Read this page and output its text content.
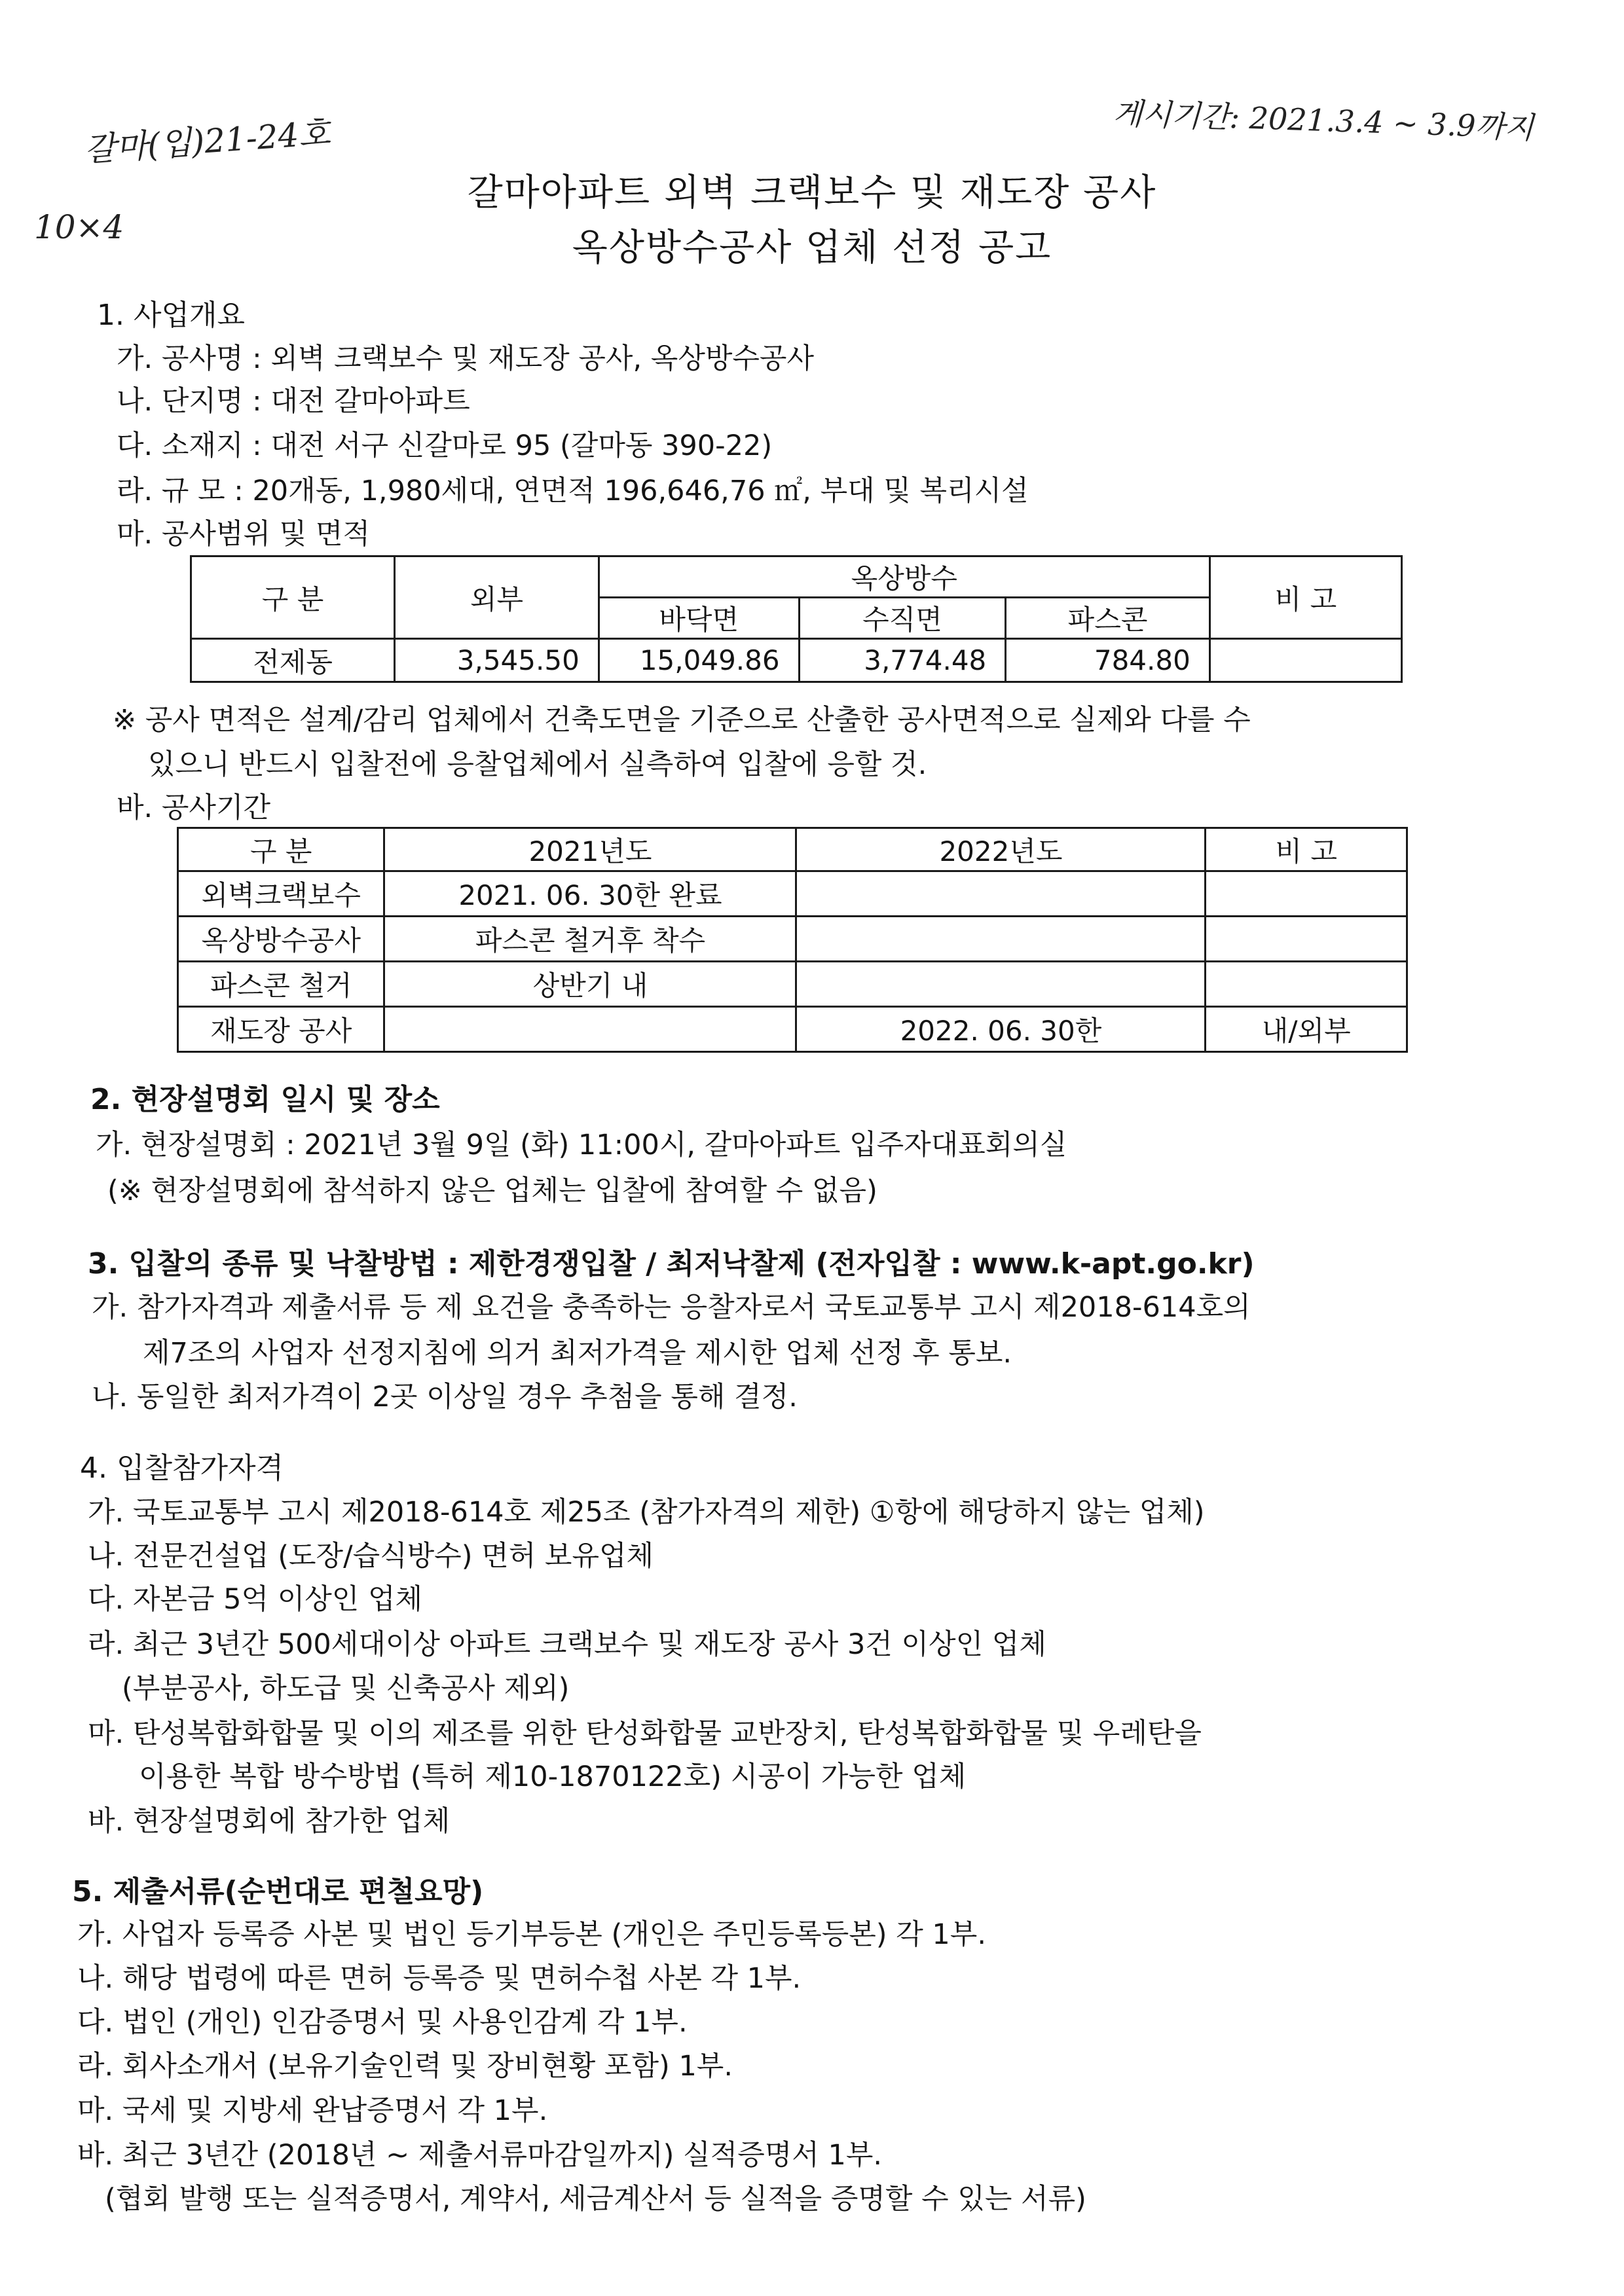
갈마(입)21-24호
10×4
게시기간: 2021.3.4 ~ 3.9까지
갈마아파트 외벽 크랙보수 및 재도장 공사
옥상방수공사 업체 선정 공고
1. 사업개요
가. 공사명 : 외벽 크랙보수 및 재도장 공사, 옥상방수공사
나. 단지명 : 대전 갈마아파트
다. 소재지 : 대전 서구 신갈마로 95 (갈마동 390-22)
라. 규 모 : 20개동, 1,980세대, 연면적 196,646,76 ㎡, 부대 및 복리시설
마. 공사범위 및 면적
구 분	외부	옥상방수			비 고
		바닥면	수직면	파스콘	
전제동	3,545.50	15,049.86	3,774.48	784.80	
※ 공사 면적은 설계/감리 업체에서 건축도면을 기준으로 산출한 공사면적으로 실제와 다를 수
있으니 반드시 입찰전에 응찰업체에서 실측하여 입찰에 응할 것.
바. 공사기간
구 분	2021년도	2022년도	비 고
외벽크랙보수	2021. 06. 30한 완료		
옥상방수공사	파스콘 철거후 착수		
파스콘 철거	상반기 내		
재도장 공사		2022. 06. 30한	내/외부
2. 현장설명회 일시 및 장소
가. 현장설명회 : 2021년 3월 9일 (화) 11:00시, 갈마아파트 입주자대표회의실
(※ 현장설명회에 참석하지 않은 업체는 입찰에 참여할 수 없음)
3. 입찰의 종류 및 낙찰방법 : 제한경쟁입찰 / 최저낙찰제 (전자입찰 : www.k-apt.go.kr)
가. 참가자격과 제출서류 등 제 요건을 충족하는 응찰자로서 국토교통부 고시 제2018-614호의
제7조의 사업자 선정지침에 의거 최저가격을 제시한 업체 선정 후 통보.
나. 동일한 최저가격이 2곳 이상일 경우 추첨을 통해 결정.
4. 입찰참가자격
가. 국토교통부 고시 제2018-614호 제25조 (참가자격의 제한) ①항에 해당하지 않는 업체)
나. 전문건설업 (도장/습식방수) 면허 보유업체
다. 자본금 5억 이상인 업체
라. 최근 3년간 500세대이상 아파트 크랙보수 및 재도장 공사 3건 이상인 업체
(부분공사, 하도급 및 신축공사 제외)
마. 탄성복합화합물 및 이의 제조를 위한 탄성화합물 교반장치, 탄성복합화합물 및 우레탄을
이용한 복합 방수방법 (특허 제10-1870122호) 시공이 가능한 업체
바. 현장설명회에 참가한 업체
5. 제출서류(순번대로 편철요망)
가. 사업자 등록증 사본 및 법인 등기부등본 (개인은 주민등록등본) 각 1부.
나. 해당 법령에 따른 면허 등록증 및 면허수첩 사본 각 1부.
다. 법인 (개인) 인감증명서 및 사용인감계 각 1부.
라. 회사소개서 (보유기술인력 및 장비현황 포함) 1부.
마. 국세 및 지방세 완납증명서 각 1부.
바. 최근 3년간 (2018년 ~ 제출서류마감일까지) 실적증명서 1부.
(협회 발행 또는 실적증명서, 계약서, 세금계산서 등 실적을 증명할 수 있는 서류)
